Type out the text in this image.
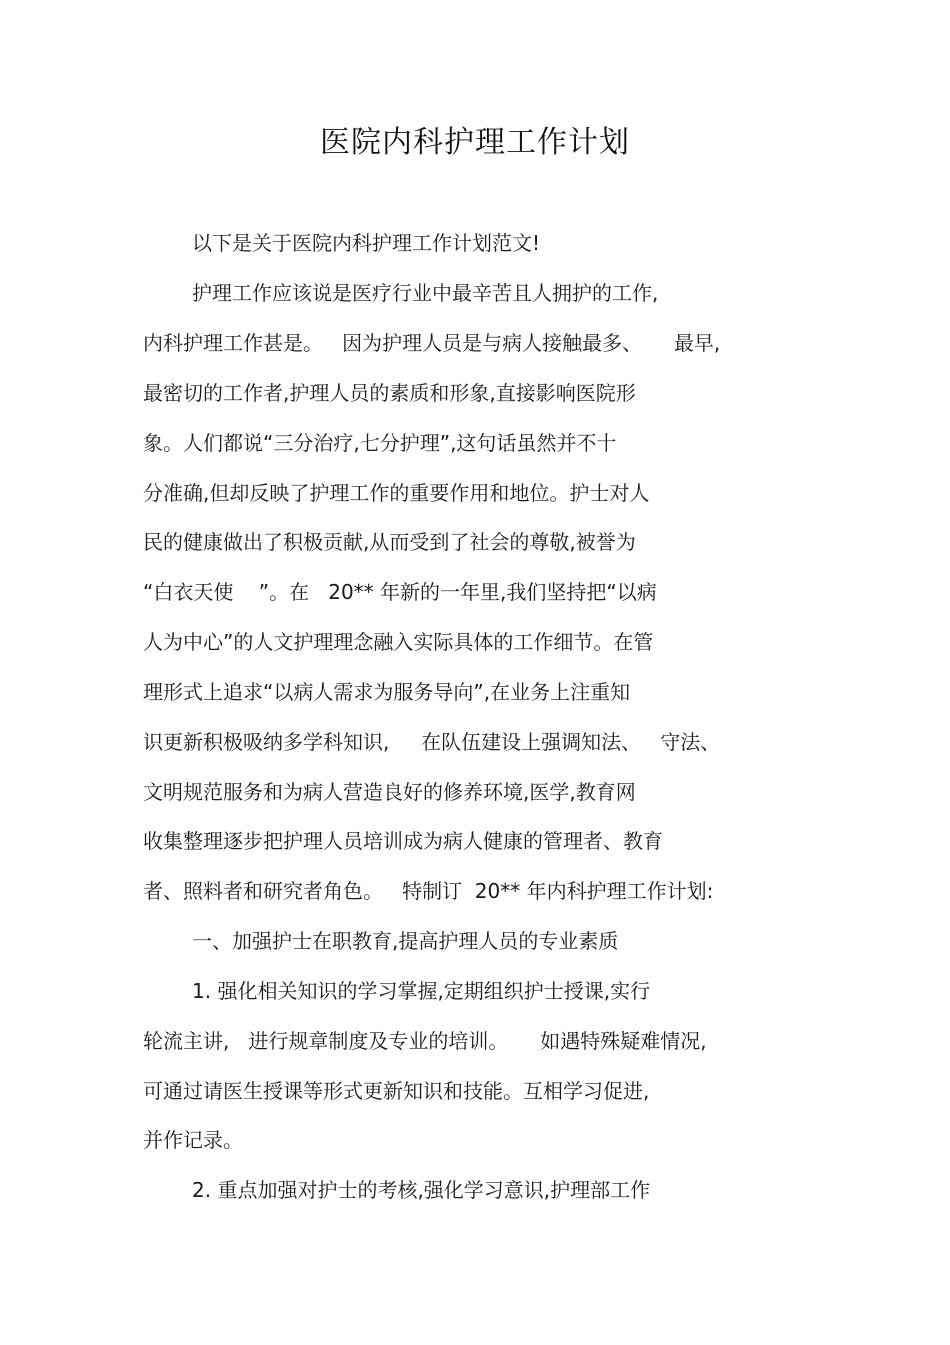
医院内科护理工作计划
以下是关于医院内科护理工作计划范文!
护理工作应该说是医疗行业中最辛苦且人拥护的工作,
内科护理工作甚是。   因为护理人员是与病人接触最多、     最早,
最密切的工作者,护理人员的素质和形象,直接影响医院形
象。人们都说“三分治疗,七分护理”,这句话虽然并不十
分准确,但却反映了护理工作的重要作用和地位。护士对人
民的健康做出了积极贡献,从而受到了社会的尊敬,被誉为
“白衣天使    ”。在   20** 年新的一年里,我们坚持把“以病
人为中心”的人文护理理念融入实际具体的工作细节。在管
理形式上追求“以病人需求为服务导向”,在业务上注重知
识更新积极吸纳多学科知识,     在队伍建设上强调知法、   守法、
文明规范服务和为病人营造良好的修养环境,医学,教育网
收集整理逐步把护理人员培训成为病人健康的管理者、教育
者、照料者和研究者角色。   特制订  20** 年内科护理工作计划:
一、加强护士在职教育,提高护理人员的专业素质
1. 强化相关知识的学习掌握,定期组织护士授课,实行
轮流主讲,   进行规章制度及专业的培训。     如遇特殊疑难情况,
可通过请医生授课等形式更新知识和技能。互相学习促进,
并作记录。
2. 重点加强对护士的考核,强化学习意识,护理部工作
